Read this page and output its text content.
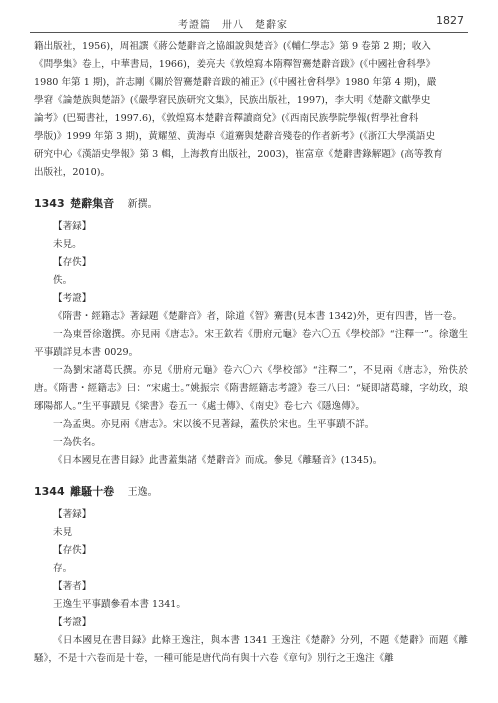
考證篇　卅八　楚辭家	1827

籍出版社，1956)，周祖譔《蔣公楚辭音之協韻說與楚音》(《輔仁學志》第 9 卷第 2 期；收入

《問學集》卷上，中華書局，1966)，姜亮夫《敦煌寫本隋釋智騫楚辭音跋》(《中國社會科學》

1980 年第 1 期)，許志剛《關於智騫楚辭音跋的補正》(《中國社會科學》1980 年第 4 期)，嚴

學窘《論楚族與楚語》(《嚴學窘民族研究文集》，民族出版社，1997)，李大明《楚辭文獻學史

論考》(巴蜀書社，1997.6)，《敦煌寫本楚辭音釋讀商兌》(《西南民族學院學報(哲學社會科

學版)》1999 年第 3 期)，黄耀堃、黄海卓《道騫與楚辭音殘卷的作者新考》(《浙江大學漢語史

研究中心《漢語史學報》第 3 輯，上海教育出版社，2003)，崔富章《楚辭書錄解題》(高等教育

出版社，2010)。

1343 楚辭集音 新撰。
【著録】

未見。

【存佚】

佚。

【考證】

《隋書・經籍志》著録題《楚辭音》者，除道《智》騫書(見本書 1342)外，更有四書，皆一卷。

一為東晉徐邈撰。亦見兩《唐志》。宋王欽若《册府元龜》卷六〇五《學校部》“注釋一”。徐邈生平事蹟詳見本書 0029。

一為劉宋諸葛氏撰。亦見《册府元龜》卷六〇六《學校部》“注釋二”，不見兩《唐志》，殆佚於唐。《隋書・經籍志》曰：“宋處士。”姚振宗《隋書經籍志考證》卷三八曰：“疑即諸葛璩，字幼玫，琅琊陽都人。”生平事蹟見《梁書》卷五一《處士傳》、《南史》卷七六《隱逸傳》。

一為孟奥。亦見兩《唐志》。宋以後不見著録，蓋佚於宋也。生平事蹟不詳。

一為佚名。

《日本國見在書目録》此書蓋集諸《楚辭音》而成。參見《離騷音》(1345)。

1344 離騷十卷 王逸。
【著録】

未見

【存佚】

存。

【著者】

王逸生平事蹟參看本書 1341。

【考證】

《日本國見在書目録》此條王逸注，與本書 1341 王逸注《楚辭》分列，不題《楚辭》而題《離騷》，不是十六卷而是十卷，一種可能是唐代尚有與十六卷《章句》別行之王逸注《離
